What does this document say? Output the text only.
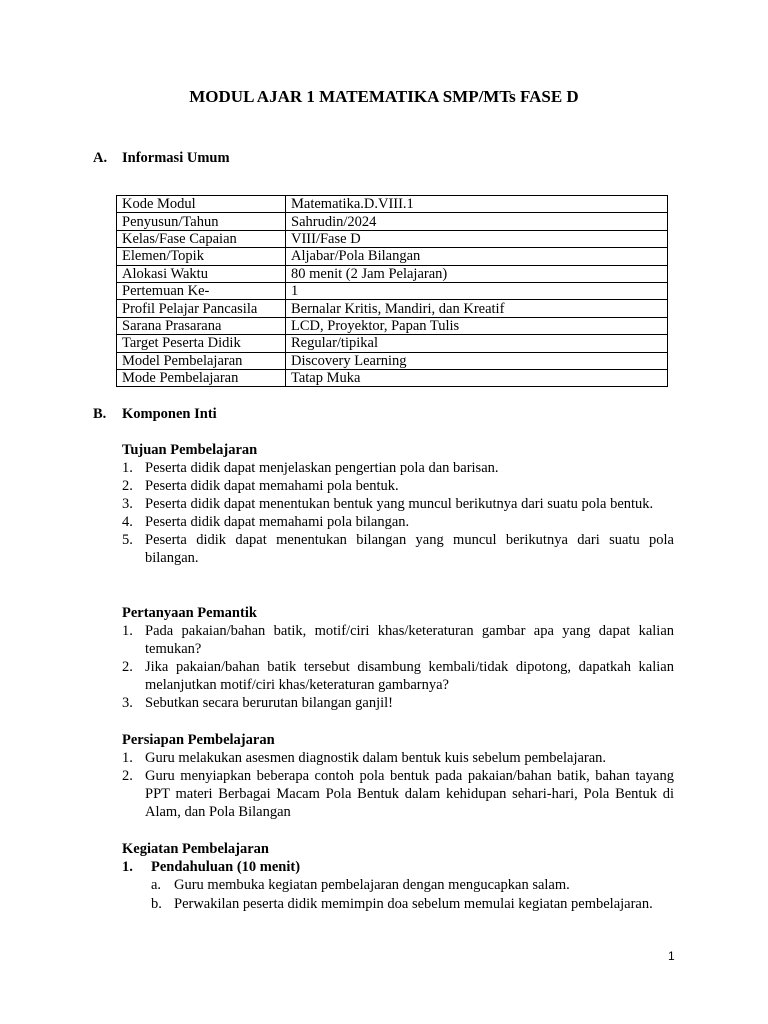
MODUL AJAR 1 MATEMATIKA SMP/MTs FASE D
A. Informasi Umum
Kode Modul	Matematika.D.VIII.1
Penyusun/Tahun	Sahrudin/2024
Kelas/Fase Capaian	VIII/Fase D
Elemen/Topik	Aljabar/Pola Bilangan
Alokasi Waktu	80 menit (2 Jam Pelajaran)
Pertemuan Ke-	1
Profil Pelajar Pancasila	Bernalar Kritis, Mandiri, dan Kreatif
Sarana Prasarana	LCD, Proyektor, Papan Tulis
Target Peserta Didik	Regular/tipikal
Model Pembelajaran	Discovery Learning
Mode Pembelajaran	Tatap Muka
B. Komponen Inti
Tujuan Pembelajaran
1. Peserta didik dapat menjelaskan pengertian pola dan barisan.
2. Peserta didik dapat memahami pola bentuk.
3. Peserta didik dapat menentukan bentuk yang muncul berikutnya dari suatu pola bentuk.
4. Peserta didik dapat memahami pola bilangan.
5. Peserta didik dapat menentukan bilangan yang muncul berikutnya dari suatu pola bilangan.
Pertanyaan Pemantik
1. Pada pakaian/bahan batik, motif/ciri khas/keteraturan gambar apa yang dapat kalian temukan?
2. Jika pakaian/bahan batik tersebut disambung kembali/tidak dipotong, dapatkah kalian melanjutkan motif/ciri khas/keteraturan gambarnya?
3. Sebutkan secara berurutan bilangan ganjil!
Persiapan Pembelajaran
1. Guru melakukan asesmen diagnostik dalam bentuk kuis sebelum pembelajaran.
2. Guru menyiapkan beberapa contoh pola bentuk pada pakaian/bahan batik, bahan tayang PPT materi Berbagai Macam Pola Bentuk dalam kehidupan sehari-hari, Pola Bentuk di Alam, dan Pola Bilangan
Kegiatan Pembelajaran
1. Pendahuluan (10 menit)
a. Guru membuka kegiatan pembelajaran dengan mengucapkan salam.
b. Perwakilan peserta didik memimpin doa sebelum memulai kegiatan pembelajaran.
1
